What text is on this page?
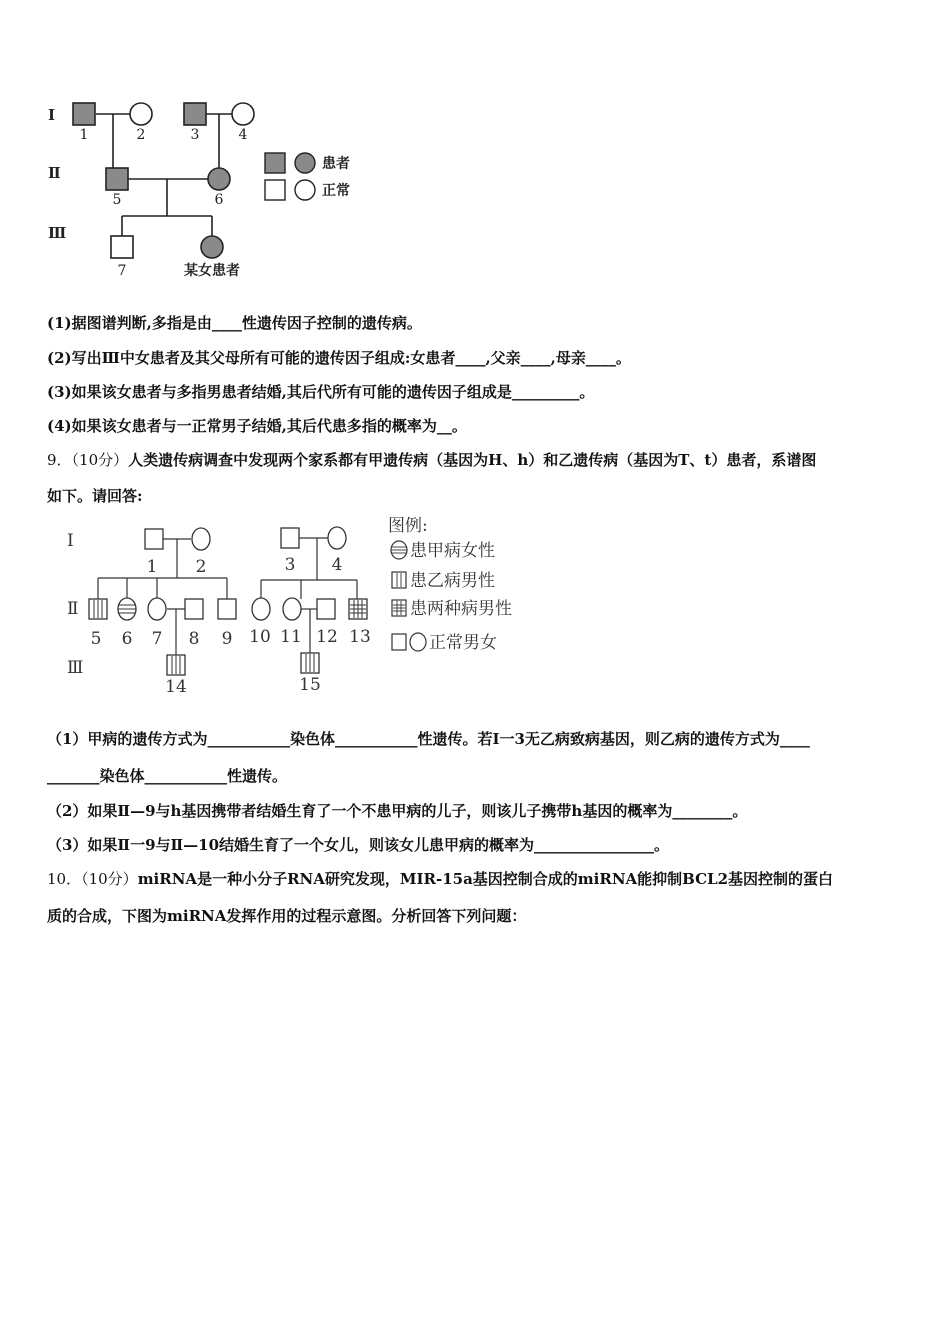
Ⅰ
Ⅱ
Ⅲ
1	2	3	4
5	6
7	某女患者
患者
正常
(1)据图谱判断,多指是由____性遗传因子控制的遗传病。
(2)写出Ⅲ中女患者及其父母所有可能的遗传因子组成:女患者____,父亲____,母亲____。
(3)如果该女患者与多指男患者结婚,其后代所有可能的遗传因子组成是_________。
(4)如果该女患者与一正常男子结婚,其后代患多指的概率为__。
9．（10分）人类遗传病调查中发现两个家系都有甲遗传病（基因为H、h）和乙遗传病（基因为T、t）患者，系谱图
如下。请回答:
Ⅰ
Ⅱ
Ⅲ
1 2	3 4
5 6 7 8 9 10 11 12 13
14	15
图例:
患甲病女性
患乙病男性
患两种病男性
正常男女
（1）甲病的遗传方式为___________染色体___________性遗传。若Ⅰ一3无乙病致病基因，则乙病的遗传方式为____
_______染色体___________性遗传。
（2）如果Ⅱ—9与h基因携带者结婚生育了一个不患甲病的儿子，则该儿子携带h基因的概率为________。
（3）如果Ⅱ一9与Ⅱ—10结婚生育了一个女儿，则该女儿患甲病的概率为________________。
10．（10分）miRNA是一种小分子RNA研究发现，MIR-15a基因控制合成的miRNA能抑制BCL2基因控制的蛋白
质的合成，下图为miRNA发挥作用的过程示意图。分析回答下列问题：
